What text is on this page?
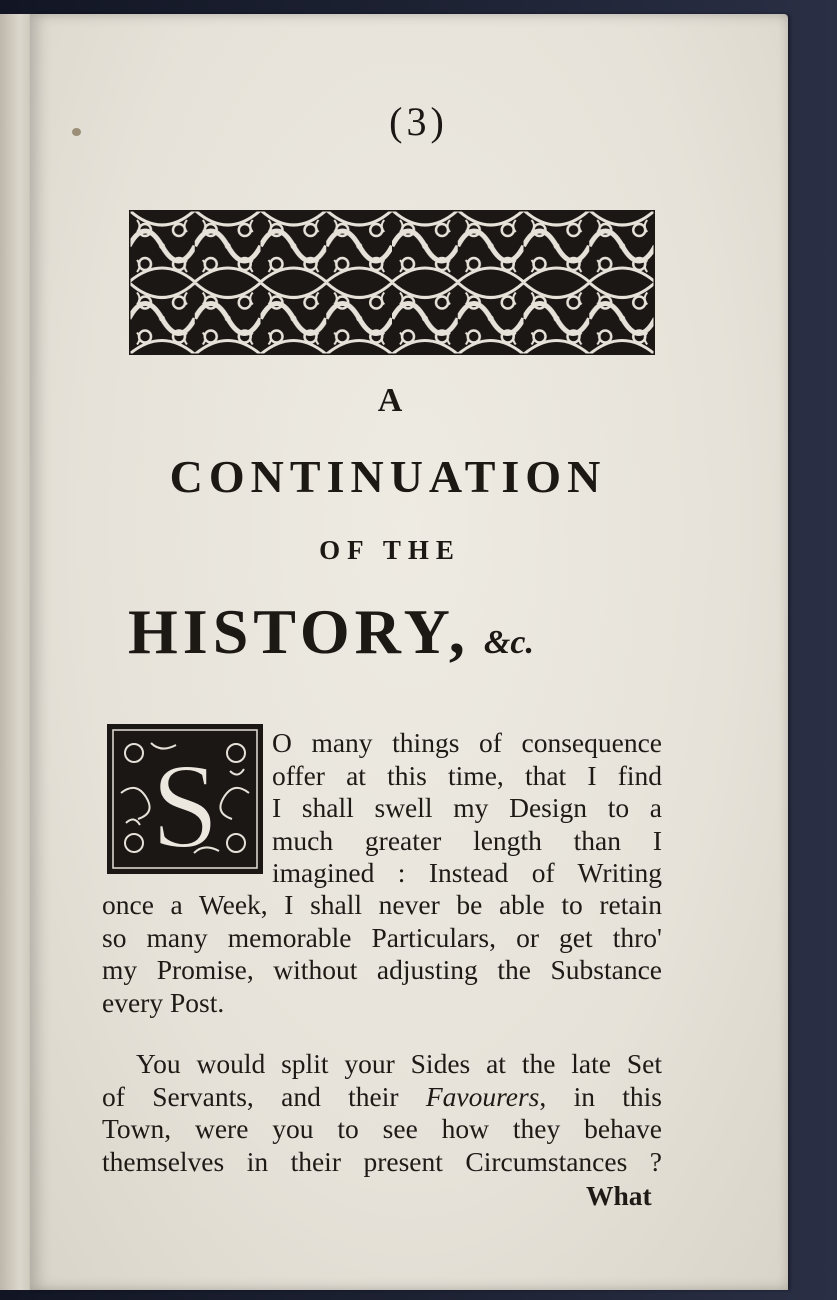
(3)
A
CONTINUATION
OF THE
HISTORY, &c.
S O many things of consequence
offer at this time, that I find
I shall swell my Design to a
much greater length than I
imagined : Instead of Writing
once a Week, I shall never be able to retain
so many memorable Particulars, or get thro'
my Promise, without adjusting the Substance
every Post.
You would split your Sides at the late Set
of Servants, and their Favourers, in this
Town, were you to see how they behave
themselves in their present Circumstances ?
What
